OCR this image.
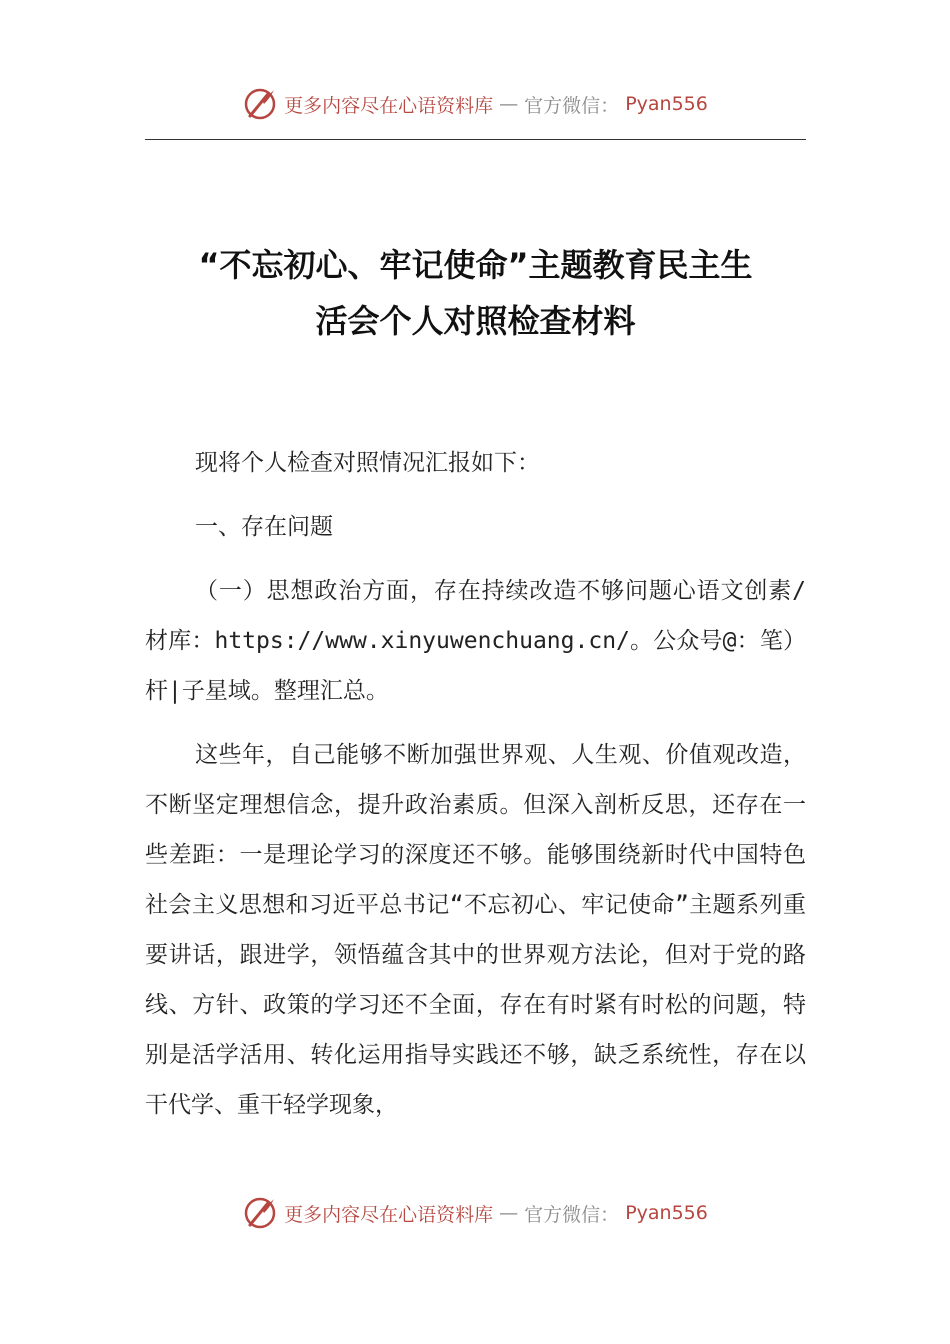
更多内容尽在心语资料库 — 官方微信： Pyan556
“不忘初心、牢记使命”主题教育民主生
活会个人对照检查材料

现将个人检查对照情况汇报如下：

一、存在问题

（一）思想政治方面，存在持续改造不够问题心语文创素/材库：https://www.xinyuwenchuang.cn/。公众号@：笔）杆|子星域。整理汇总。

这些年，自己能够不断加强世界观、人生观、价值观改造，不断坚定理想信念，提升政治素质。但深入剖析反思，还存在一些差距：一是理论学习的深度还不够。能够围绕新时代中国特色社会主义思想和习近平总书记“不忘初心、牢记使命”主题系列重要讲话，跟进学，领悟蕴含其中的世界观方法论，但对于党的路线、方针、政策的学习还不全面，存在有时紧有时松的问题，特别是活学活用、转化运用指导实践还不够，缺乏系统性，存在以干代学、重干轻学现象，

更多内容尽在心语资料库 — 官方微信： Pyan556
